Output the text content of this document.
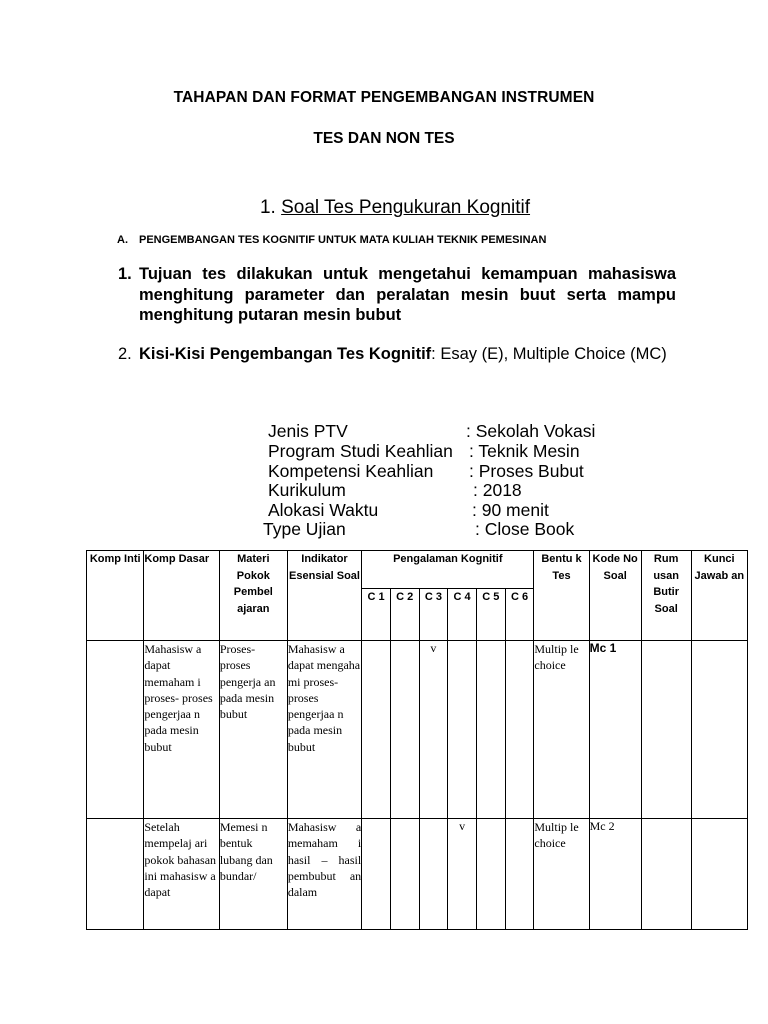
TAHAPAN DAN FORMAT PENGEMBANGAN INSTRUMEN
TES DAN NON TES
1. Soal Tes Pengukuran Kognitif
A. PENGEMBANGAN TES KOGNITIF UNTUK MATA KULIAH TEKNIK PEMESINAN
1. Tujuan tes dilakukan untuk mengetahui kemampuan mahasiswa menghitung parameter dan peralatan mesin buut serta mampu menghitung putaran mesin bubut
2. Kisi-Kisi Pengembangan Tes Kognitif: Esay (E), Multiple Choice (MC)
Jenis PTV	: Sekolah Vokasi
Program Studi Keahlian : Teknik Mesin
Kompetensi Keahlian : Proses Bubut
Kurikulum	: 2018
Alokasi Waktu	: 90 menit
Type Ujian	: Close Book
Komp Inti	Komp Dasar	Materi Pokok Pembel ajaran	Indikator Esensial Soal	Pengalaman Kognitif						Bentu k Tes	Kode No Soal	Rum usan Butir Soal	Kunci Jawab an
				C 1	C 2	C 3	C 4	C 5	C 6				
	Mahasisw a dapat memaham i proses- proses pengerjaa n pada mesin bubut	Proses- proses pengerja an pada mesin bubut	Mahasisw a dapat mengaha mi proses- proses pengerjaa n pada mesin bubut			v				Multip le choice	Mc 1		
	Setelah mempelaj ari pokok bahasan ini mahasisw a dapat	Memesi n bentuk lubang dan bundar/	Mahasisw a memaham i hasil – hasil pembubut an dalam				v			Multip le choice	Mc 2		
